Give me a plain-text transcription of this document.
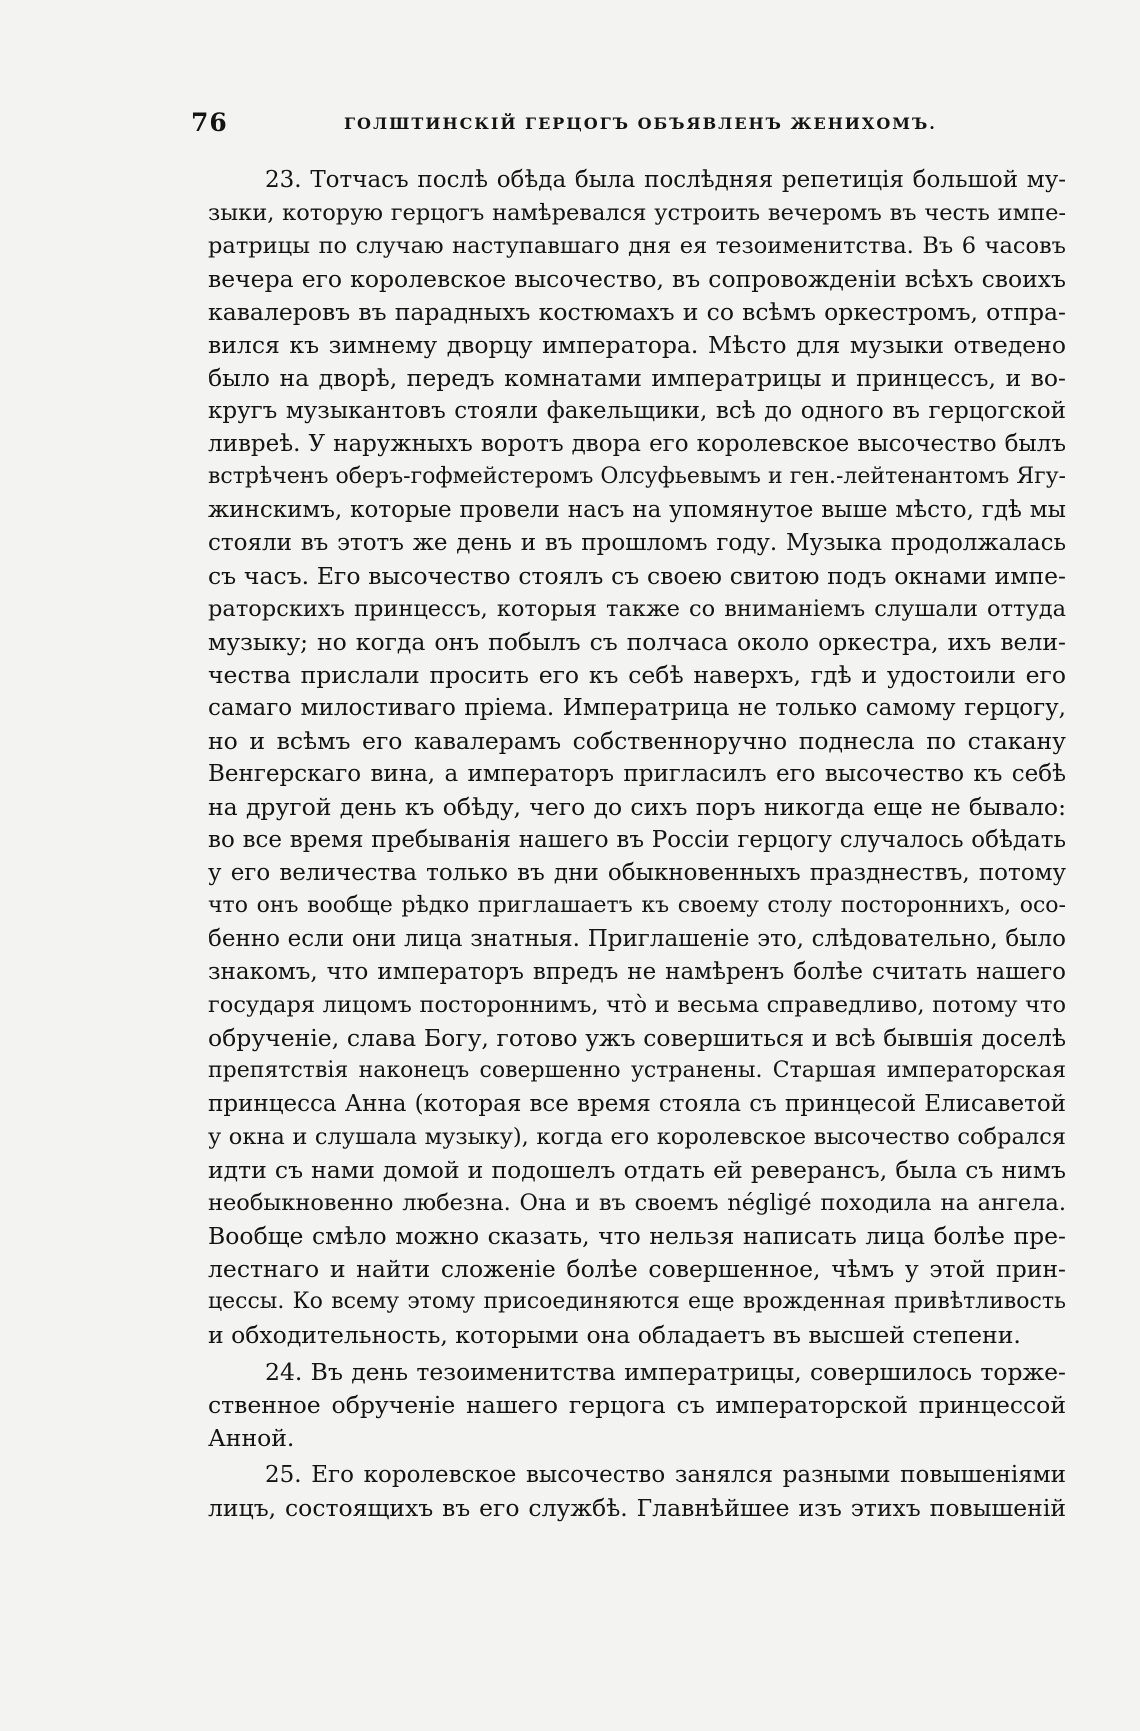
76	ГОЛШТИНСКІЙ ГЕРЦОГЪ ОБЪЯВЛЕНЪ ЖЕНИХОМЪ.
23. Тотчасъ послѣ обѣда была послѣдняя репетиція большой му-
зыки, которую герцогъ намѣревался устроить вечеромъ въ честь импе-
ратрицы по случаю наступавшаго дня ея тезоименитства. Въ 6 часовъ
вечера его королевское высочество, въ сопровожденіи всѣхъ своихъ
кавалеровъ въ парадныхъ костюмахъ и со всѣмъ оркестромъ, отпра-
вился къ зимнему дворцу императора. Мѣсто для музыки отведено
было на дворѣ, передъ комнатами императрицы и принцессъ, и во-
кругъ музыкантовъ стояли факельщики, всѣ до одного въ герцогской
ливреѣ. У наружныхъ воротъ двора его королевское высочество былъ
встрѣченъ оберъ-гофмейстеромъ Олсуфьевымъ и ген.-лейтенантомъ Ягу-
жинскимъ, которые провели насъ на упомянутое выше мѣсто, гдѣ мы
стояли въ этотъ же день и въ прошломъ году. Музыка продолжалась
съ часъ. Его высочество стоялъ съ своею свитою подъ окнами импе-
раторскихъ принцессъ, которыя также со вниманіемъ слушали оттуда
музыку; но когда онъ побылъ съ полчаса около оркестра, ихъ вели-
чества прислали просить его къ себѣ наверхъ, гдѣ и удостоили его
самаго милостиваго пріема. Императрица не только самому герцогу,
но и всѣмъ его кавалерамъ собственноручно поднесла по стакану
Венгерскаго вина, а императоръ пригласилъ его высочество къ себѣ
на другой день къ обѣду, чего до сихъ поръ никогда еще не бывало:
во все время пребыванія нашего въ Россіи герцогу случалось обѣдать
у его величества только въ дни обыкновенныхъ празднествъ, потому
что онъ вообще рѣдко приглашаетъ къ своему столу постороннихъ, осо-
бенно если они лица знатныя. Приглашеніе это, слѣдовательно, было
знакомъ, что императоръ впредъ не намѣренъ болѣе считать нашего
государя лицомъ постороннимъ, что̀ и весьма справедливо, потому что
обрученіе, слава Богу, готово ужъ совершиться и всѣ бывшія доселѣ
препятствія наконецъ совершенно устранены. Старшая императорская
принцесса Анна (которая все время стояла съ принцесой Елисаветой
у окна и слушала музыку), когда его королевское высочество собрался
идти съ нами домой и подошелъ отдать ей реверансъ, была съ нимъ
необыкновенно любезна. Она и въ своемъ négligé походила на ангела.
Вообще смѣло можно сказать, что нельзя написать лица болѣе пре-
лестнаго и найти сложеніе болѣе совершенное, чѣмъ у этой прин-
цессы. Ко всему этому присоединяются еще врожденная привѣтливость
и обходительность, которыми она обладаетъ въ высшей степени.
24. Въ день тезоименитства императрицы, совершилось торже-
ственное обрученіе нашего герцога съ императорской принцессой
Анной.
25. Его королевское высочество занялся разными повышеніями
лицъ, состоящихъ въ его службѣ. Главнѣйшее изъ этихъ повышеній
